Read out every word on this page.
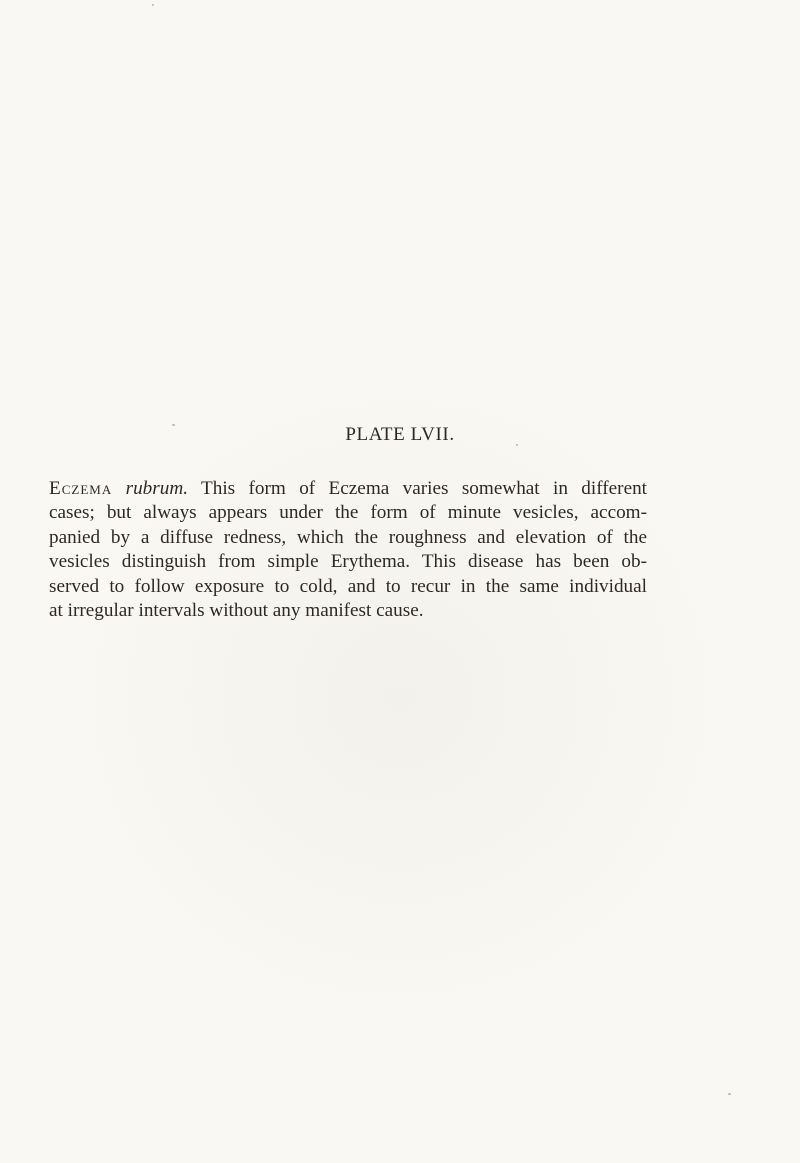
PLATE LVII.

Eczema rubrum. This form of Eczema varies somewhat in different
cases; but always appears under the form of minute vesicles, accom-
panied by a diffuse redness, which the roughness and elevation of the
vesicles distinguish from simple Erythema. This disease has been ob-
served to follow exposure to cold, and to recur in the same individual
at irregular intervals without any manifest cause.
